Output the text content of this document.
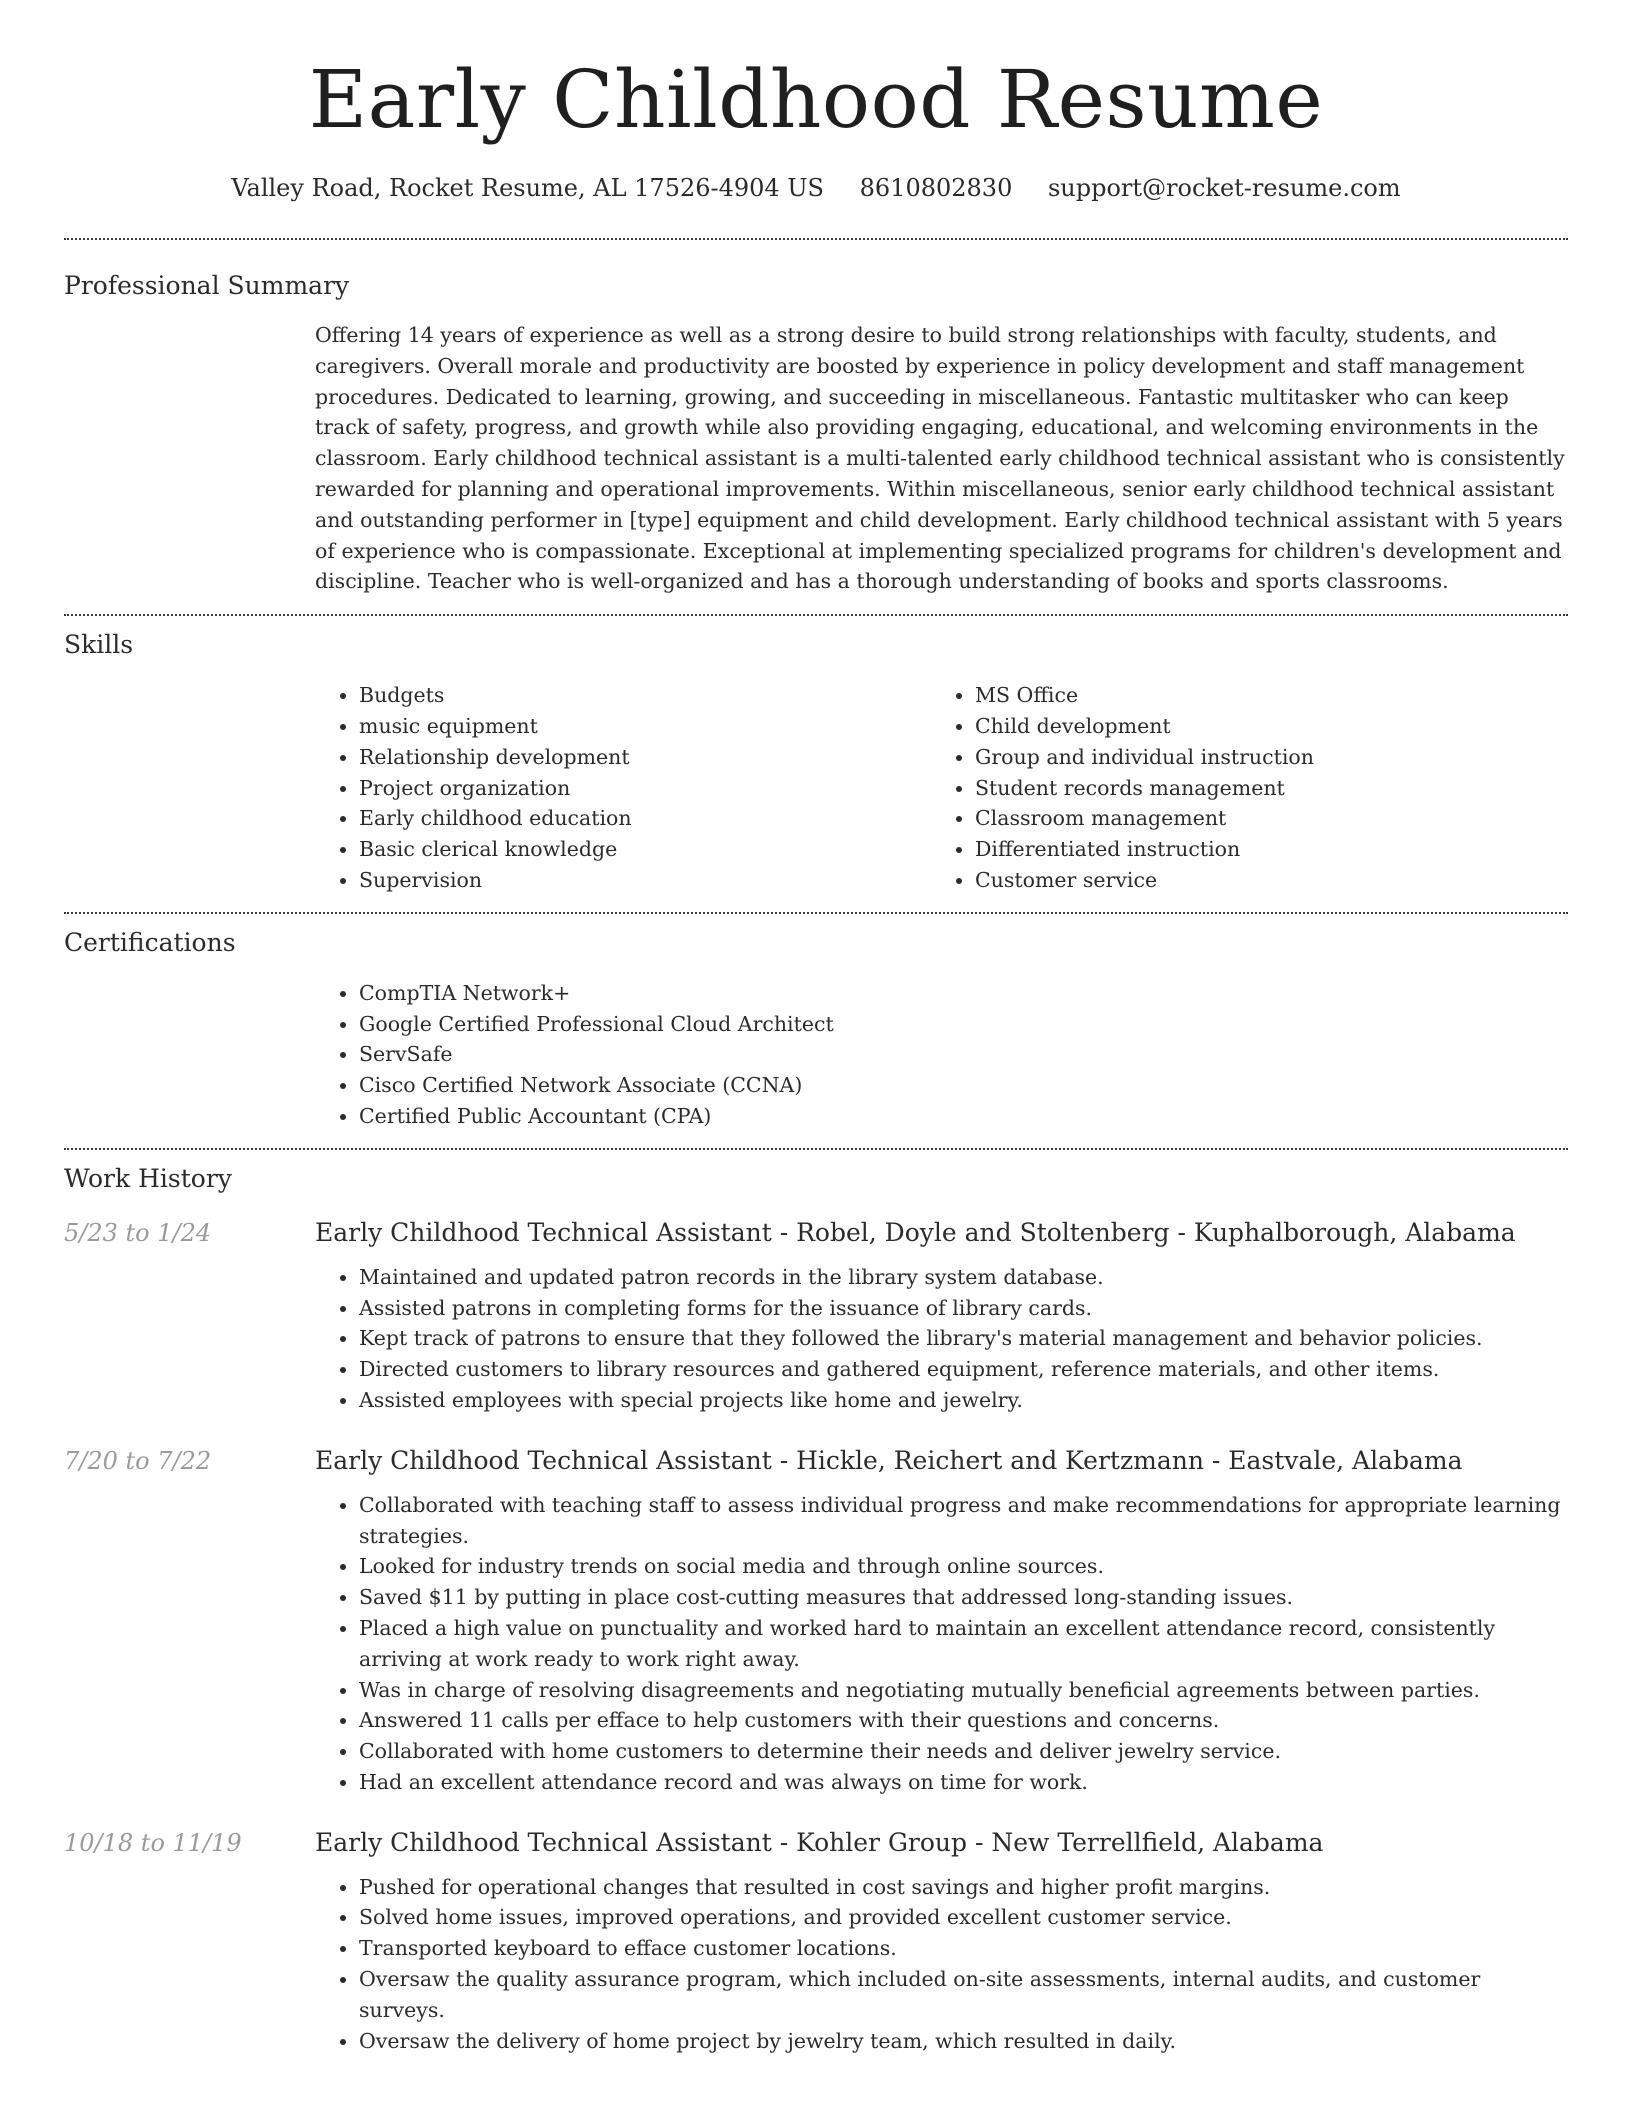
Early Childhood Resume
Valley Road, Rocket Resume, AL 17526-4904 US 8610802830 support@rocket-resume.com
Professional Summary
Offering 14 years of experience as well as a strong desire to build strong relationships with faculty, students, and caregivers. Overall morale and productivity are boosted by experience in policy development and staff management procedures. Dedicated to learning, growing, and succeeding in miscellaneous. Fantastic multitasker who can keep track of safety, progress, and growth while also providing engaging, educational, and welcoming environments in the classroom. Early childhood technical assistant is a multi-talented early childhood technical assistant who is consistently rewarded for planning and operational improvements. Within miscellaneous, senior early childhood technical assistant and outstanding performer in [type] equipment and child development. Early childhood technical assistant with 5 years of experience who is compassionate. Exceptional at implementing specialized programs for children's development and discipline. Teacher who is well-organized and has a thorough understanding of books and sports classrooms.
Skills
• Budgets
• music equipment
• Relationship development
• Project organization
• Early childhood education
• Basic clerical knowledge
• Supervision
• MS Office
• Child development
• Group and individual instruction
• Student records management
• Classroom management
• Differentiated instruction
• Customer service
Certifications
• CompTIA Network+
• Google Certified Professional Cloud Architect
• ServSafe
• Cisco Certified Network Associate (CCNA)
• Certified Public Accountant (CPA)
Work History
5/23 to 1/24	Early Childhood Technical Assistant - Robel, Doyle and Stoltenberg - Kuphalborough, Alabama
• Maintained and updated patron records in the library system database.
• Assisted patrons in completing forms for the issuance of library cards.
• Kept track of patrons to ensure that they followed the library's material management and behavior policies.
• Directed customers to library resources and gathered equipment, reference materials, and other items.
• Assisted employees with special projects like home and jewelry.
7/20 to 7/22	Early Childhood Technical Assistant - Hickle, Reichert and Kertzmann - Eastvale, Alabama
• Collaborated with teaching staff to assess individual progress and make recommendations for appropriate learning strategies.
• Looked for industry trends on social media and through online sources.
• Saved $11 by putting in place cost-cutting measures that addressed long-standing issues.
• Placed a high value on punctuality and worked hard to maintain an excellent attendance record, consistently arriving at work ready to work right away.
• Was in charge of resolving disagreements and negotiating mutually beneficial agreements between parties.
• Answered 11 calls per efface to help customers with their questions and concerns.
• Collaborated with home customers to determine their needs and deliver jewelry service.
• Had an excellent attendance record and was always on time for work.
10/18 to 11/19	Early Childhood Technical Assistant - Kohler Group - New Terrellfield, Alabama
• Pushed for operational changes that resulted in cost savings and higher profit margins.
• Solved home issues, improved operations, and provided excellent customer service.
• Transported keyboard to efface customer locations.
• Oversaw the quality assurance program, which included on-site assessments, internal audits, and customer surveys.
• Oversaw the delivery of home project by jewelry team, which resulted in daily.
